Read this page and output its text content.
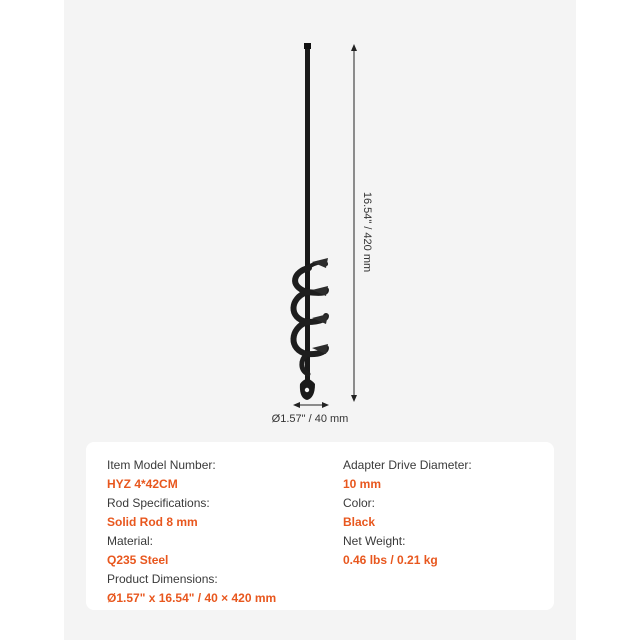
16.54" / 420 mm
Ø1.57" / 40 mm
Item Model Number:
HYZ 4*42CM
Rod Specifications:
Solid Rod 8 mm
Material:
Q235 Steel
Product Dimensions:
Ø1.57" x 16.54" / 40 × 420 mm
Adapter Drive Diameter:
10 mm
Color:
Black
Net Weight:
0.46 lbs / 0.21 kg
